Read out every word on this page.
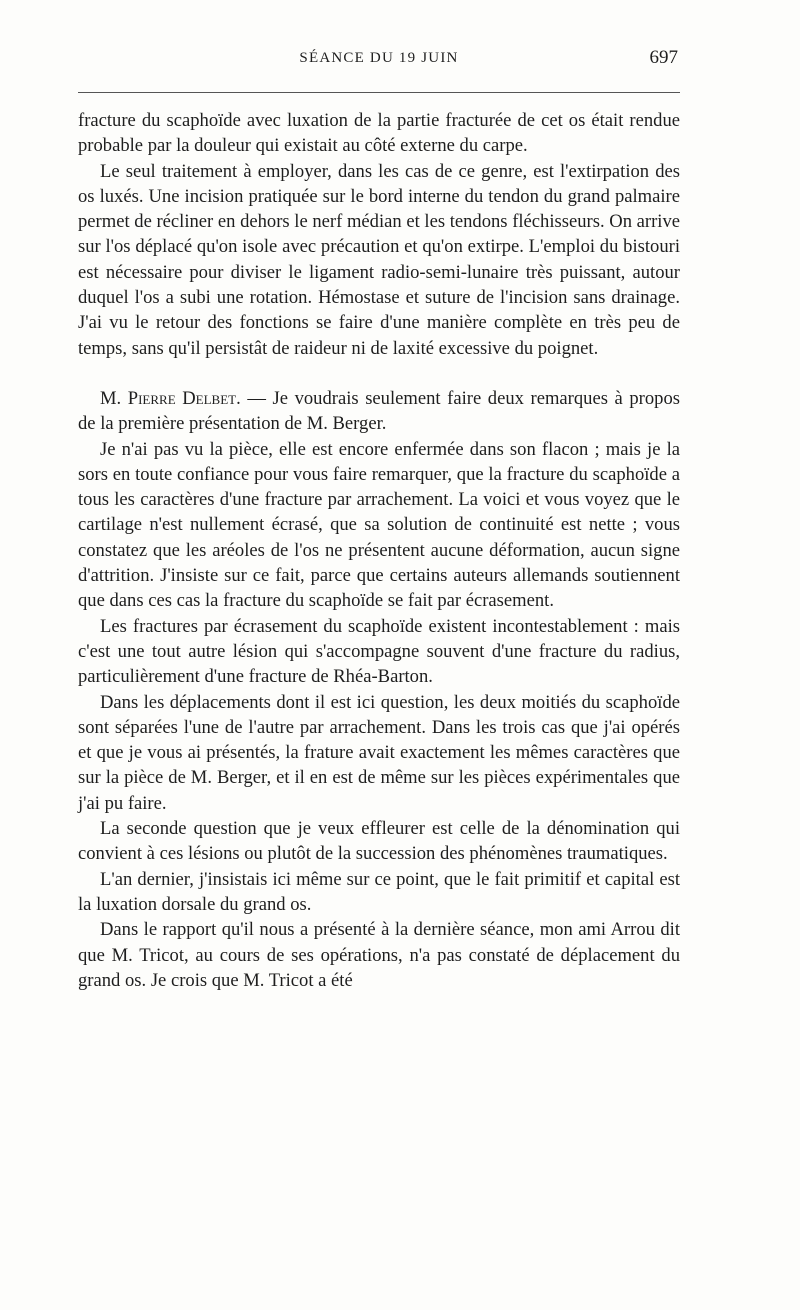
SÉANCE DU 19 JUIN	697

fracture du scaphoïde avec luxation de la partie fracturée de cet os était rendue probable par la douleur qui existait au côté externe du carpe.

Le seul traitement à employer, dans les cas de ce genre, est l'extirpation des os luxés. Une incision pratiquée sur le bord interne du tendon du grand palmaire permet de récliner en dehors le nerf médian et les tendons fléchisseurs. On arrive sur l'os déplacé qu'on isole avec précaution et qu'on extirpe. L'emploi du bistouri est nécessaire pour diviser le ligament radio-semi-lunaire très puissant, autour duquel l'os a subi une rotation. Hémostase et suture de l'incision sans drainage. J'ai vu le retour des fonctions se faire d'une manière complète en très peu de temps, sans qu'il persistât de raideur ni de laxité excessive du poignet.

M. Pierre Delbet. — Je voudrais seulement faire deux remarques à propos de la première présentation de M. Berger.

Je n'ai pas vu la pièce, elle est encore enfermée dans son flacon ; mais je la sors en toute confiance pour vous faire remarquer, que la fracture du scaphoïde a tous les caractères d'une fracture par arrachement. La voici et vous voyez que le cartilage n'est nullement écrasé, que sa solution de continuité est nette ; vous constatez que les aréoles de l'os ne présentent aucune déformation, aucun signe d'attrition. J'insiste sur ce fait, parce que certains auteurs allemands soutiennent que dans ces cas la fracture du scaphoïde se fait par écrasement.

Les fractures par écrasement du scaphoïde existent incontestablement : mais c'est une tout autre lésion qui s'accompagne souvent d'une fracture du radius, particulièrement d'une fracture de Rhéa-Barton.

Dans les déplacements dont il est ici question, les deux moitiés du scaphoïde sont séparées l'une de l'autre par arrachement. Dans les trois cas que j'ai opérés et que je vous ai présentés, la frature avait exactement les mêmes caractères que sur la pièce de M. Berger, et il en est de même sur les pièces expérimentales que j'ai pu faire.

La seconde question que je veux effleurer est celle de la dénomination qui convient à ces lésions ou plutôt de la succession des phénomènes traumatiques.

L'an dernier, j'insistais ici même sur ce point, que le fait primitif et capital est la luxation dorsale du grand os.

Dans le rapport qu'il nous a présenté à la dernière séance, mon ami Arrou dit que M. Tricot, au cours de ses opérations, n'a pas constaté de déplacement du grand os. Je crois que M. Tricot a été
